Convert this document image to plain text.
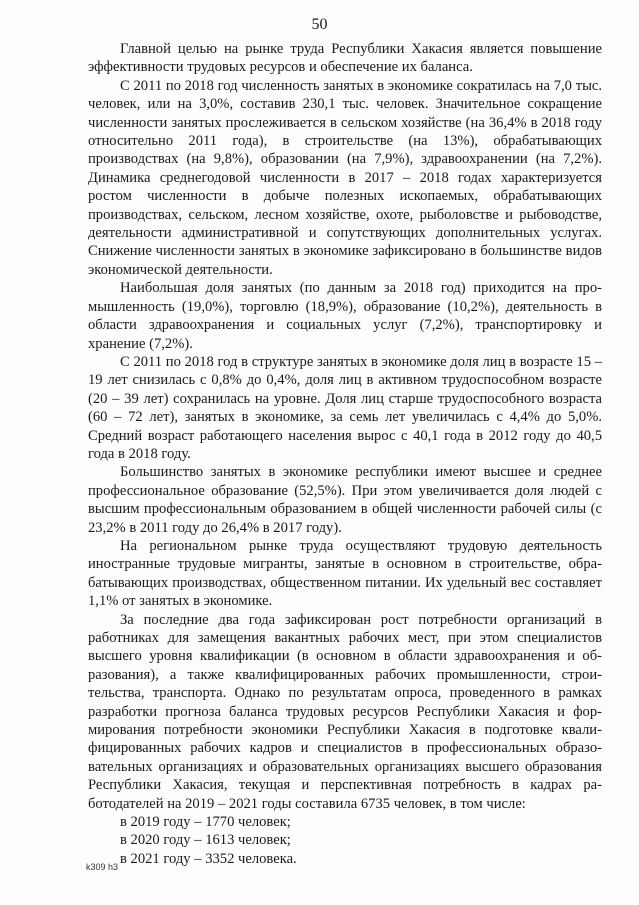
50

Главной целью на рынке труда Республики Хакасия является повышение эффективности трудовых ресурсов и обеспечение их баланса.

С 2011 по 2018 год численность занятых в экономике сократилась на 7,0 тыс. человек, или на 3,0%, составив 230,1 тыс. человек. Значительное сокращение численности занятых прослеживается в сельском хозяйстве (на 36,4% в 2018 году относительно 2011 года), в строительстве (на 13%), обрабатывающих производствах (на 9,8%), образовании (на 7,9%), здравоохранении (на 7,2%). Динамика среднегодовой численности в 2017 – 2018 годах характеризуется ростом численности в добыче полезных ископаемых, обрабатывающих производствах, сельском, лесном хозяйстве, охоте, рыболовстве и рыбоводстве, деятельности административной и сопутствующих дополнительных услугах. Снижение численности занятых в экономике зафиксировано в большинстве видов экономической деятельности.

Наибольшая доля занятых (по данным за 2018 год) приходится на промышленность (19,0%), торговлю (18,9%), образование (10,2%), деятельность в области здравоохранения и социальных услуг (7,2%), транспортировку и хранение (7,2%).

С 2011 по 2018 год в структуре занятых в экономике доля лиц в возрасте 15 – 19 лет снизилась с 0,8% до 0,4%, доля лиц в активном трудоспособном возрасте (20 – 39 лет) сохранилась на уровне. Доля лиц старше трудоспособного возраста (60 – 72 лет), занятых в экономике, за семь лет увеличилась с 4,4% до 5,0%. Средний возраст работающего населения вырос с 40,1 года в 2012 году до 40,5 года в 2018 году.

Большинство занятых в экономике республики имеют высшее и среднее профессиональное образование (52,5%). При этом увеличивается доля людей с высшим профессиональным образованием в общей численности рабочей силы (с 23,2% в 2011 году до 26,4% в 2017 году).

На региональном рынке труда осуществляют трудовую деятельность иностранные трудовые мигранты, занятые в основном в строительстве, обрабатывающих производствах, общественном питании. Их удельный вес составляет 1,1% от занятых в экономике.

За последние два года зафиксирован рост потребности организаций в работниках для замещения вакантных рабочих мест, при этом специалистов высшего уровня квалификации (в основном в области здравоохранения и образования), а также квалифицированных рабочих промышленности, строительства, транспорта. Однако по результатам опроса, проведенного в рамках разработки прогноза баланса трудовых ресурсов Республики Хакасия и формирования потребности экономики Республики Хакасия в подготовке квалифицированных рабочих кадров и специалистов в профессиональных образовательных организациях и образовательных организациях высшего образования Республики Хакасия, текущая и перспективная потребность в кадрах работодателей на 2019 – 2021 годы составила 6735 человек, в том числе:

в 2019 году – 1770 человек;

в 2020 году – 1613 человек;

в 2021 году – 3352 человека.

k309 h3
